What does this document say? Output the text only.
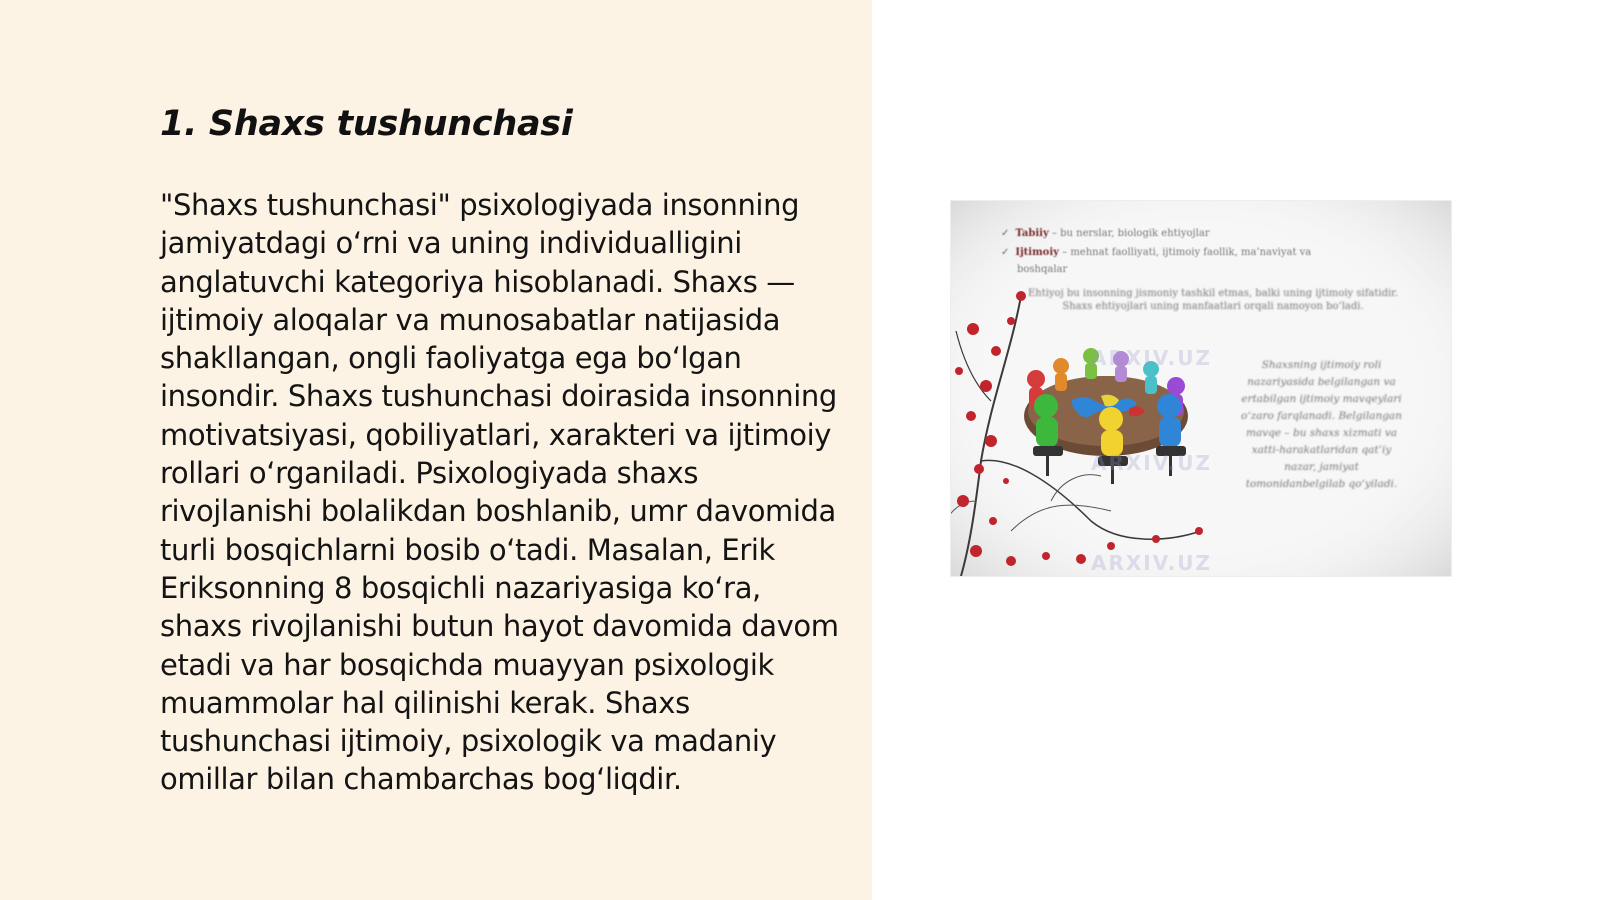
1. Shaxs tushunchasi

"Shaxs tushunchasi" psixologiyada insonning jamiyatdagi o‘rni va uning individualligini anglatuvchi kategoriya hisoblanadi. Shaxs — ijtimoiy aloqalar va munosabatlar natijasida shakllangan, ongli faoliyatga ega bo‘lgan insondir. Shaxs tushunchasi doirasida insonning motivatsiyasi, qobiliyatlari, xarakteri va ijtimoiy rollari o‘rganiladi. Psixologiyada shaxs rivojlanishi bolalikdan boshlanib, umr davomida turli bosqichlarni bosib o‘tadi. Masalan, Erik Eriksonning 8 bosqichli nazariyasiga ko‘ra, shaxs rivojlanishi butun hayot davomida davom etadi va har bosqichda muayyan psixologik muammolar hal qilinishi kerak. Shaxs tushunchasi ijtimoiy, psixologik va madaniy omillar bilan chambarchas bog‘liqdir.

✓ Tabiiy – bu nerslar, biologik ehtiyojlar
✓ Ijtimoiy – mehnat faolliyati, ijtimoiy faollik, ma’naviyat va
boshqalar
Ehtiyoj bu insonning jismoniy tashkil etmas, balki uning ijtimoiy sifatidir. Shaxs ehtiyojlari uning manfaatlari orqali namoyon bo‘ladi.
Shaxsning ijtimoiy roli nazariyasida belgilangan va ertabilgan ijtimoiy mavqeylari o‘zaro farqlanadi. Belgilangan mavqe – bu shaxs xizmati va xatti-harakatlaridan qat’iy nazar, jamiyat tomonidanbelgilab qo‘yiladi.
ARXIV.UZ
ARXIV.UZ
ARXIV.UZ
